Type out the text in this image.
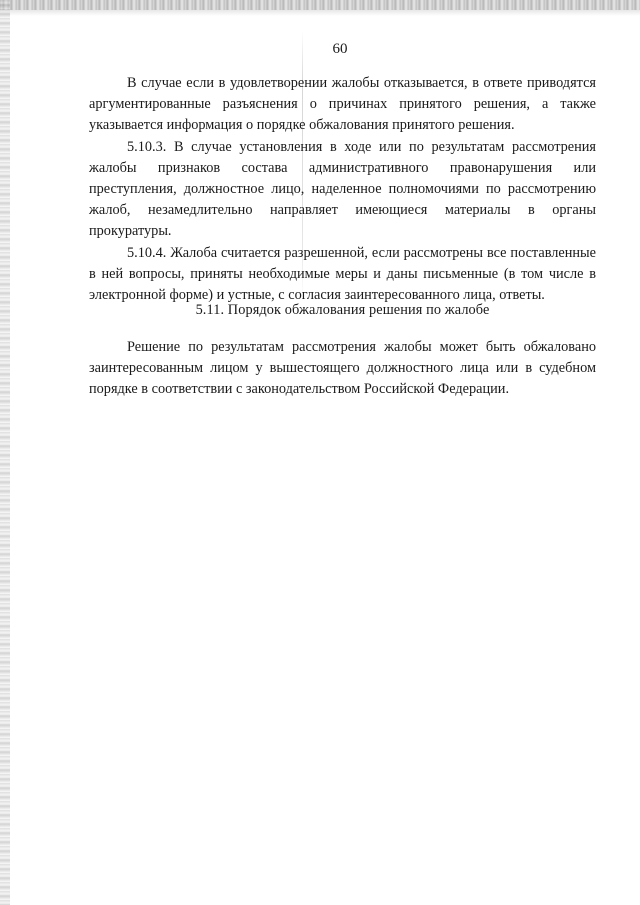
60

В случае если в удовлетворении жалобы отказывается, в ответе приводятся аргументированные разъяснения о причинах принятого решения, а также указывается информация о порядке обжалования принятого решения.

5.10.3. В случае установления в ходе или по результатам рассмотрения жалобы признаков состава административного правонарушения или преступления, должностное лицо, наделенное полномочиями по рассмотрению жалоб, незамедлительно направляет имеющиеся материалы в органы прокуратуры.

5.10.4. Жалоба считается разрешенной, если рассмотрены все поставленные в ней вопросы, приняты необходимые меры и даны письменные (в том числе в электронной форме) и устные, с согласия заинтересованного лица, ответы.

5.11. Порядок обжалования решения по жалобе

Решение по результатам рассмотрения жалобы может быть обжаловано заинтересованным лицом у вышестоящего должностного лица или в судебном порядке в соответствии с законодательством Российской Федерации.
